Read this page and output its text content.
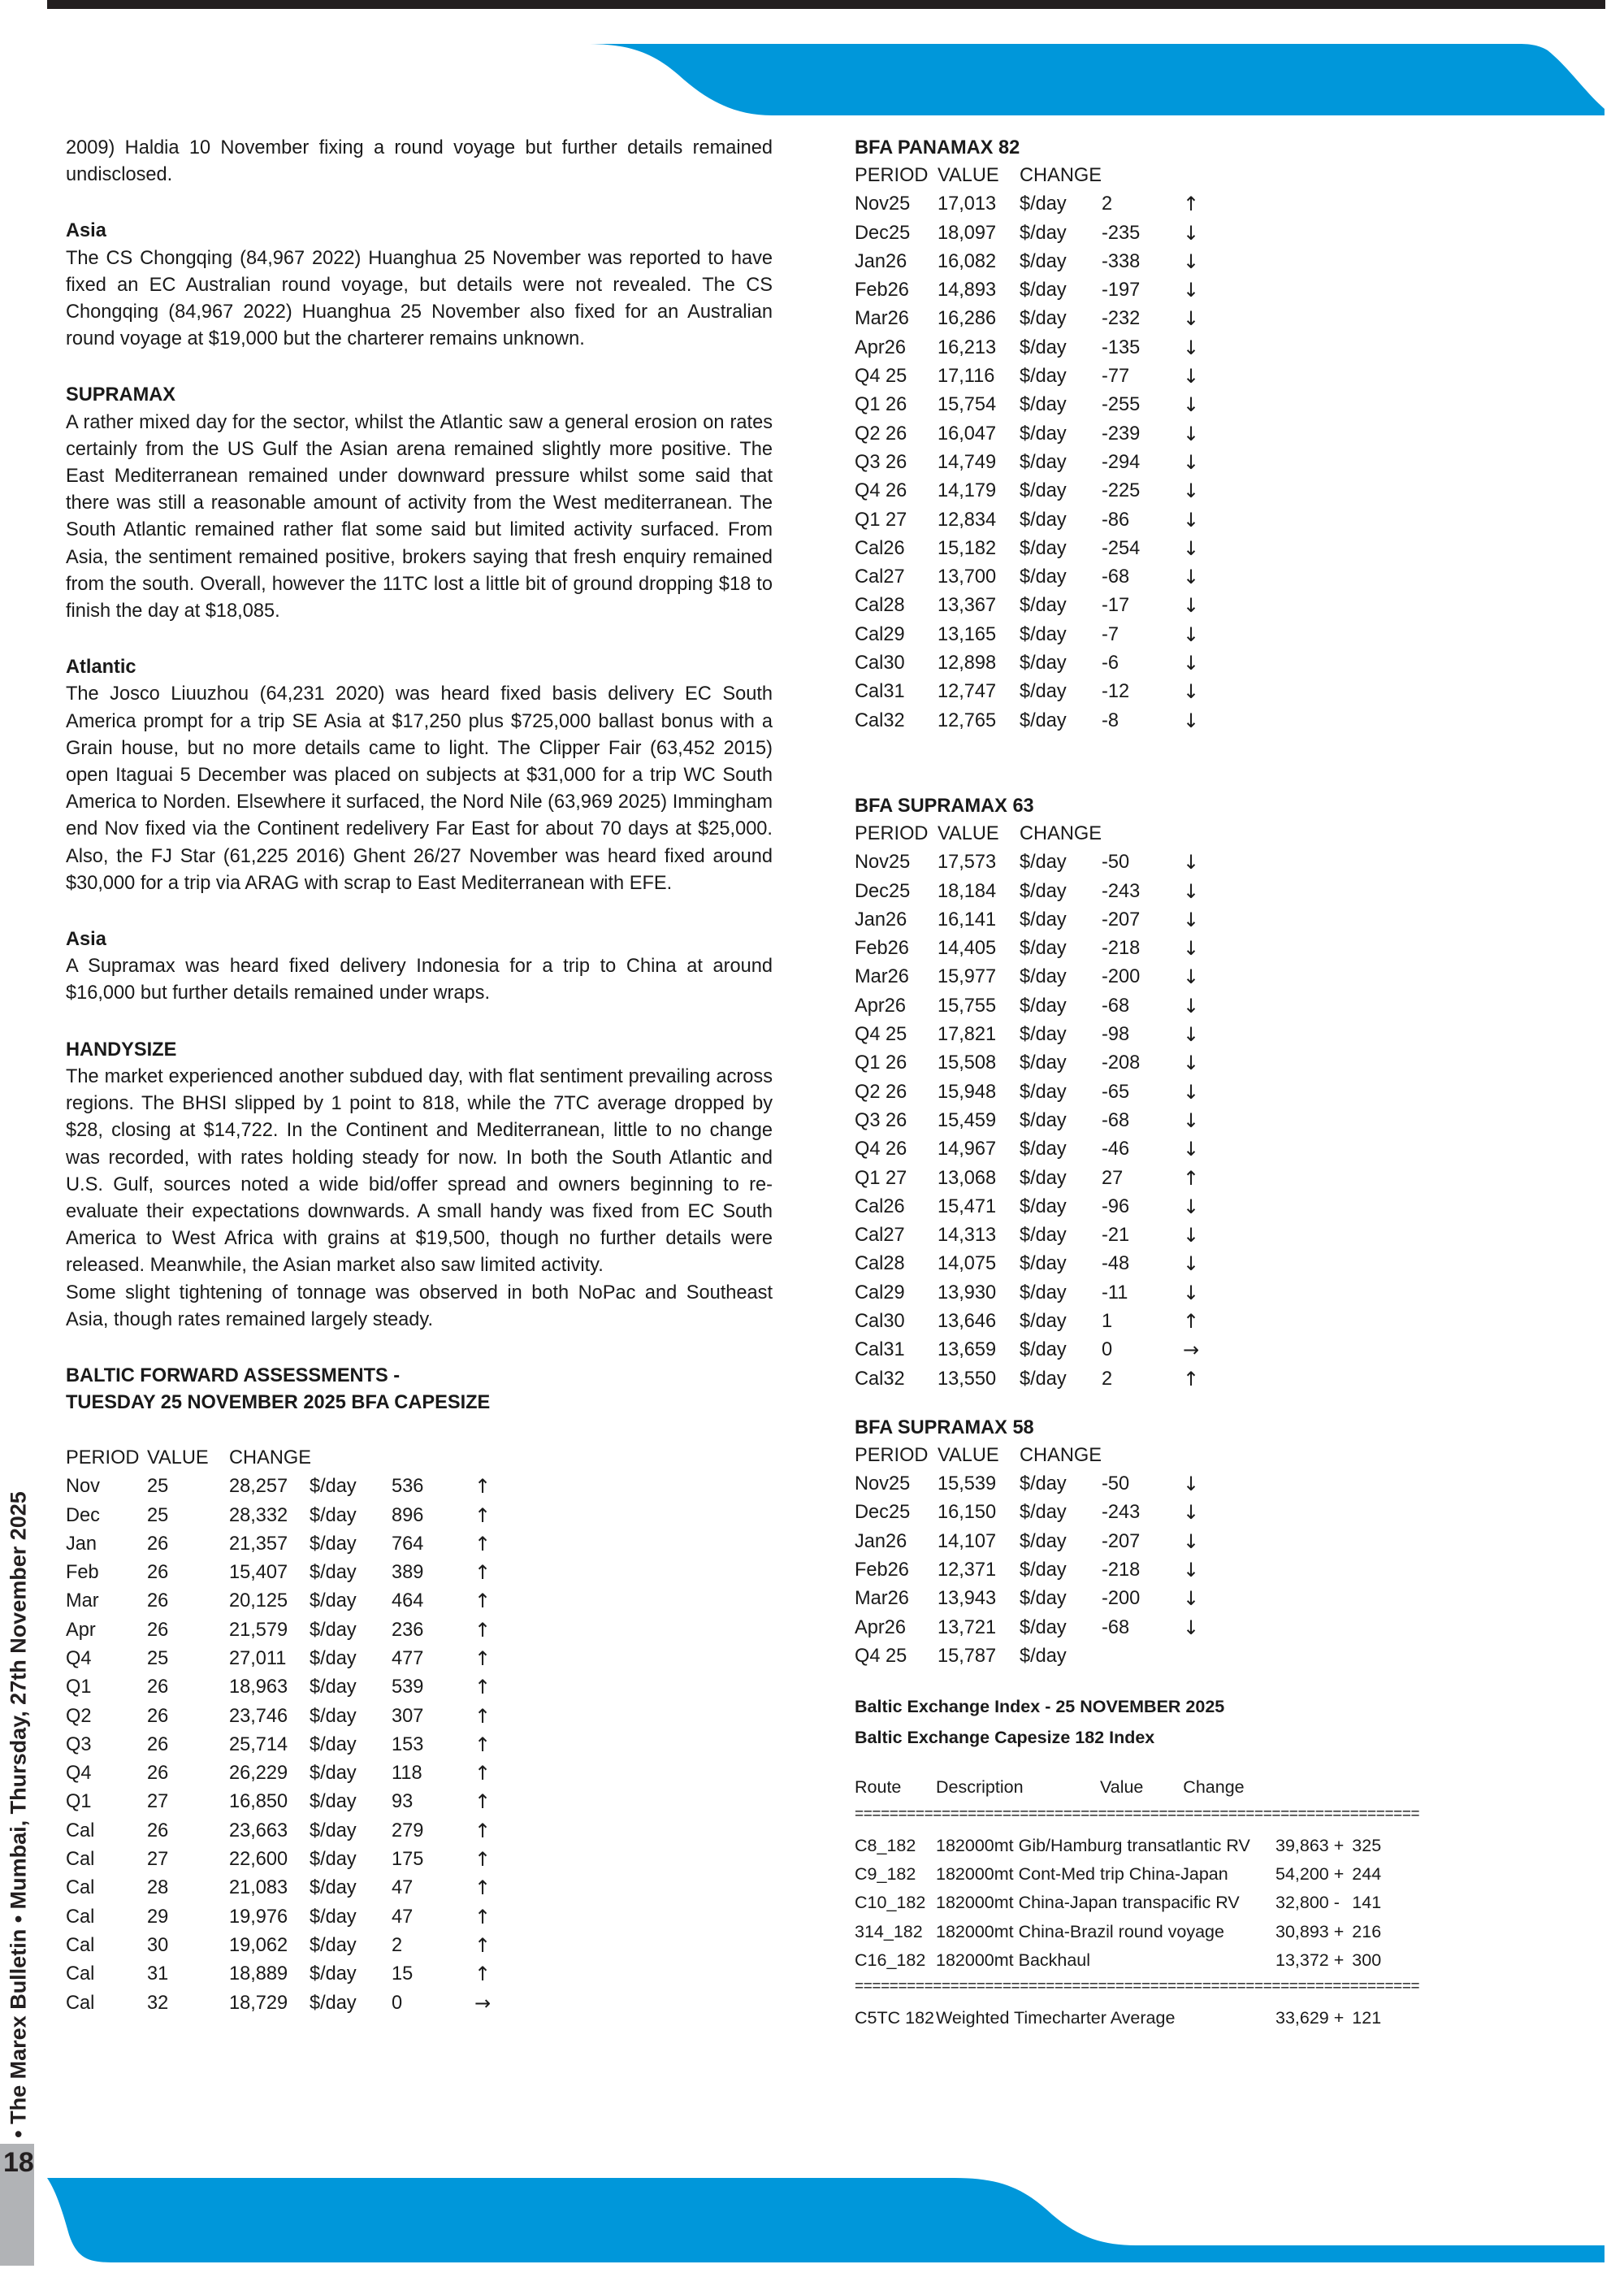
• The Marex Bulletin • Mumbai, Thursday, 27th November 2025
18

2009) Haldia 10 November fixing a round voyage but further details remained undisclosed.

Asia

The CS Chongqing (84,967 2022) Huanghua 25 November was reported to have fixed an EC Australian round voyage, but details were not revealed. The CS Chongqing (84,967 2022) Huanghua 25 November also fixed for an Australian round voyage at $19,000 but the charterer remains unknown.

SUPRAMAX

A rather mixed day for the sector, whilst the Atlantic saw a general erosion on rates certainly from the US Gulf the Asian arena remained slightly more positive. The East Mediterranean remained under downward pressure whilst some said that there was still a reasonable amount of activity from the West mediterranean. The South Atlantic remained rather flat some said but limited activity surfaced. From Asia, the sentiment remained positive, brokers saying that fresh enquiry remained from the south. Overall, however the 11TC lost a little bit of ground dropping $18 to finish the day at $18,085.

Atlantic

The Josco Liuuzhou (64,231 2020) was heard fixed basis delivery EC South America prompt for a trip SE Asia at $17,250 plus $725,000 ballast bonus with a Grain house, but no more details came to light. The Clipper Fair (63,452 2015) open Itaguai 5 December was placed on subjects at $31,000 for a trip WC South America to Norden. Elsewhere it surfaced, the Nord Nile (63,969 2025) Immingham end Nov fixed via the Continent redelivery Far East for about 70 days at $25,000. Also, the FJ Star (61,225 2016) Ghent 26/27 November was heard fixed around $30,000 for a trip via ARAG with scrap to East Mediterranean with EFE.

Asia

A Supramax was heard fixed delivery Indonesia for a trip to China at around $16,000 but further details remained under wraps.

HANDYSIZE

The market experienced another subdued day, with flat sentiment prevailing across regions. The BHSI slipped by 1 point to 818, while the 7TC average dropped by $28, closing at $14,722. In the Continent and Mediterranean, little to no change was recorded, with rates holding steady for now. In both the South Atlantic and U.S. Gulf, sources noted a wide bid/offer spread and owners beginning to re-evaluate their expectations downwards. A small handy was fixed from EC South America to West Africa with grains at $19,500, though no further details were released. Meanwhile, the Asian market also saw limited activity.

Some slight tightening of tonnage was observed in both NoPac and Southeast Asia, though rates remained largely steady.

BALTIC FORWARD ASSESSMENTS -
TUESDAY 25 NOVEMBER 2025 BFA CAPESIZE
PERIOD	VALUE	CHANGE			
Nov	25	28,257	$/day	536	↑
Dec	25	28,332	$/day	896	↑
Jan	26	21,357	$/day	764	↑
Feb	26	15,407	$/day	389	↑
Mar	26	20,125	$/day	464	↑
Apr	26	21,579	$/day	236	↑
Q4	25	27,011	$/day	477	↑
Q1	26	18,963	$/day	539	↑
Q2	26	23,746	$/day	307	↑
Q3	26	25,714	$/day	153	↑
Q4	26	26,229	$/day	118	↑
Q1	27	16,850	$/day	93	↑
Cal	26	23,663	$/day	279	↑
Cal	27	22,600	$/day	175	↑
Cal	28	21,083	$/day	47	↑
Cal	29	19,976	$/day	47	↑
Cal	30	19,062	$/day	2	↑
Cal	31	18,889	$/day	15	↑
Cal	32	18,729	$/day	0	→
BFA PANAMAX 82
PERIOD	VALUE	CHANGE		
Nov25	17,013	$/day	2	↑
Dec25	18,097	$/day	-235	↓
Jan26	16,082	$/day	-338	↓
Feb26	14,893	$/day	-197	↓
Mar26	16,286	$/day	-232	↓
Apr26	16,213	$/day	-135	↓
Q4 25	17,116	$/day	-77	↓
Q1 26	15,754	$/day	-255	↓
Q2 26	16,047	$/day	-239	↓
Q3 26	14,749	$/day	-294	↓
Q4 26	14,179	$/day	-225	↓
Q1 27	12,834	$/day	-86	↓
Cal26	15,182	$/day	-254	↓
Cal27	13,700	$/day	-68	↓
Cal28	13,367	$/day	-17	↓
Cal29	13,165	$/day	-7	↓
Cal30	12,898	$/day	-6	↓
Cal31	12,747	$/day	-12	↓
Cal32	12,765	$/day	-8	↓
BFA SUPRAMAX 63
PERIOD	VALUE	CHANGE		
Nov25	17,573	$/day	-50	↓
Dec25	18,184	$/day	-243	↓
Jan26	16,141	$/day	-207	↓
Feb26	14,405	$/day	-218	↓
Mar26	15,977	$/day	-200	↓
Apr26	15,755	$/day	-68	↓
Q4 25	17,821	$/day	-98	↓
Q1 26	15,508	$/day	-208	↓
Q2 26	15,948	$/day	-65	↓
Q3 26	15,459	$/day	-68	↓
Q4 26	14,967	$/day	-46	↓
Q1 27	13,068	$/day	27	↑
Cal26	15,471	$/day	-96	↓
Cal27	14,313	$/day	-21	↓
Cal28	14,075	$/day	-48	↓
Cal29	13,930	$/day	-11	↓
Cal30	13,646	$/day	1	↑
Cal31	13,659	$/day	0	→
Cal32	13,550	$/day	2	↑
BFA SUPRAMAX 58
PERIOD	VALUE	CHANGE		
Nov25	15,539	$/day	-50	↓
Dec25	16,150	$/day	-243	↓
Jan26	14,107	$/day	-207	↓
Feb26	12,371	$/day	-218	↓
Mar26	13,943	$/day	-200	↓
Apr26	13,721	$/day	-68	↓
Q4 25	15,787	$/day		
Baltic Exchange Index - 25 NOVEMBER 2025
Baltic Exchange Capesize 182 Index
Route	Description	Value	Change
=================================================================

C8_182	182000mt Gib/Hamburg transatlantic RV	39,863 +	325
C9_182	182000mt Cont-Med trip China-Japan	54,200 +	244
C10_182	182000mt China-Japan transpacific RV	32,800 -	141
314_182	182000mt China-Brazil round voyage	30,893 +	216
C16_182	182000mt Backhaul	13,372 +	300
=================================================================

C5TC 182	Weighted Timecharter Average	33,629 +	121
